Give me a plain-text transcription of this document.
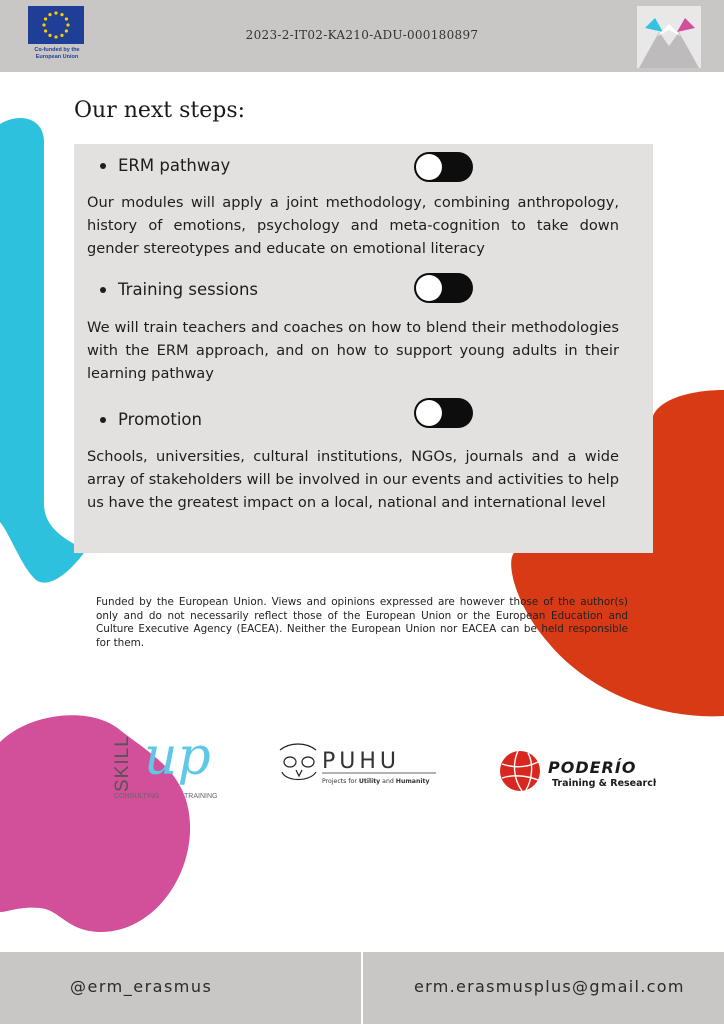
Co-funded by the European Union
2023-2-IT02-KA210-ADU-000180897
Our next steps:
ERM pathway
Our modules will apply a joint methodology, combining anthropology, history of emotions, psychology and meta-cognition to take down gender stereotypes and educate on emotional literacy
Training sessions
We will train teachers and coaches on how to blend their methodologies with the ERM approach, and on how to support young adults in their learning pathway
Promotion
Schools, universities, cultural institutions, NGOs, journals and a wide array of stakeholders will be involved in our events and activities to help us have the greatest impact on a local, national and international level
Funded by the European Union. Views and opinions expressed are however those of the author(s) only and do not necessarily reflect those of the European Union or the European Education and Culture Executive Agency (EACEA). Neither the European Union nor EACEA can be held responsible for them.
SKILL up
CONSULTING	TRAINING
PUHU
Projects for Utility and Humanity
PODERÍO
Training & Research
@erm_erasmus	erm.erasmusplus@gmail.com
